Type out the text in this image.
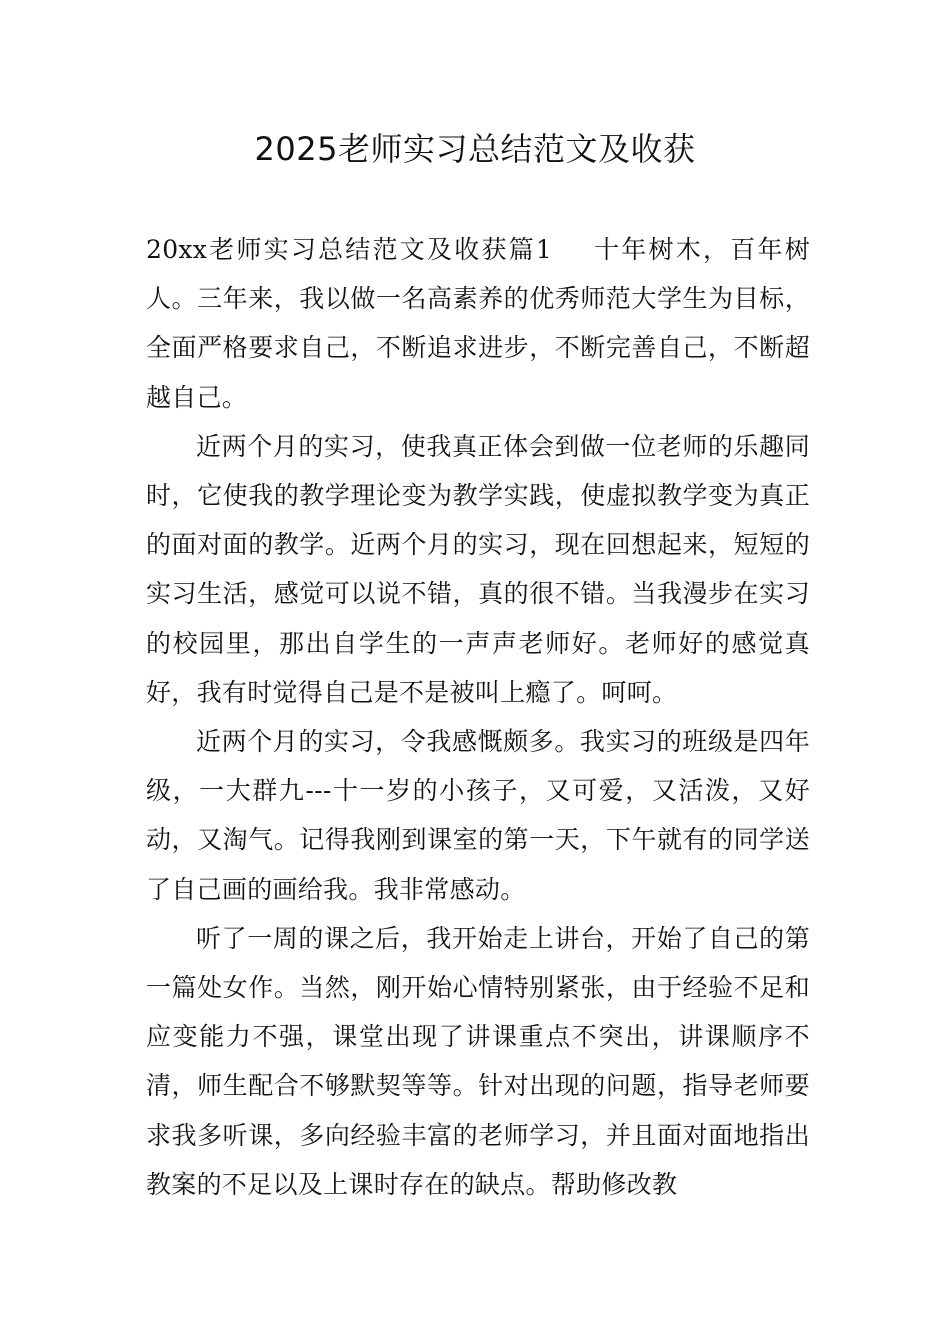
2025老师实习总结范文及收获

20xx老师实习总结范文及收获篇1 十年树木，百年树人。三年来，我以做一名高素养的优秀师范大学生为目标，全面严格要求自己，不断追求进步，不断完善自己，不断超越自己。

近两个月的实习，使我真正体会到做一位老师的乐趣同时，它使我的教学理论变为教学实践，使虚拟教学变为真正的面对面的教学。近两个月的实习，现在回想起来，短短的实习生活，感觉可以说不错，真的很不错。当我漫步在实习的校园里，那出自学生的一声声老师好。老师好的感觉真好，我有时觉得自己是不是被叫上瘾了。呵呵。

近两个月的实习，令我感慨颇多。我实习的班级是四年级，一大群九---十一岁的小孩子，又可爱，又活泼，又好动，又淘气。记得我刚到课室的第一天，下午就有的同学送了自己画的画给我。我非常感动。

听了一周的课之后，我开始走上讲台，开始了自己的第一篇处女作。当然，刚开始心情特别紧张，由于经验不足和应变能力不强，课堂出现了讲课重点不突出，讲课顺序不清，师生配合不够默契等等。针对出现的问题，指导老师要求我多听课，多向经验丰富的老师学习，并且面对面地指出教案的不足以及上课时存在的缺点。帮助修改教
